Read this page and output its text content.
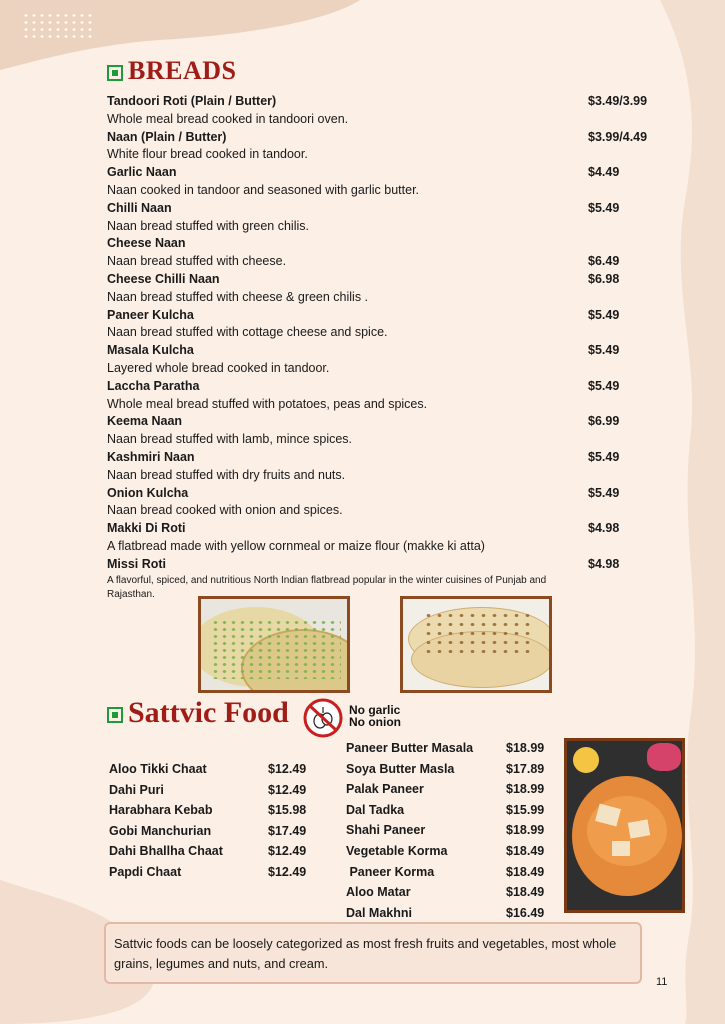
BREADS
Tandoori Roti (Plain / Butter)
Whole meal bread cooked in tandoori oven.
$3.49/3.99
Naan (Plain / Butter)
White flour bread cooked in tandoor.
$3.99/4.49
Garlic Naan
Naan cooked in tandoor and seasoned with garlic butter.
$4.49
Chilli Naan
Naan bread stuffed with green chilis.
$5.49
Cheese Naan
Naan bread stuffed with cheese.	$6.49
Cheese Chilli Naan
Naan bread stuffed with cheese & green chilis .
$6.98
Paneer Kulcha
Naan bread stuffed with cottage cheese and spice.
$5.49
Masala Kulcha
Layered whole bread cooked in tandoor.
$5.49
Laccha Paratha
Whole meal bread stuffed with potatoes, peas and spices.
$5.49
Keema Naan
Naan bread stuffed with lamb, mince spices.
$6.99
Kashmiri Naan
Naan bread stuffed with dry fruits and nuts.
$5.49
Onion Kulcha
Naan bread cooked with onion and spices.
$5.49
Makki Di Roti
A flatbread made with yellow cornmeal or maize flour (makke ki atta)
$4.98
Missi Roti
A flavorful, spiced, and nutritious North Indian flatbread popular in the winter cuisines of Punjab and Rajasthan.
$4.98
Sattvic Food	No garlic
No onion
Aloo Tikki Chaat	$12.49
Dahi Puri	$12.49
Harabhara Kebab	$15.98
Gobi Manchurian	$17.49
Dahi Bhallha Chaat	$12.49
Papdi Chaat	$12.49
Paneer Butter Masala	$18.99
Soya Butter Masla	$17.89
Palak Paneer	$18.99
Dal Tadka	$15.99
Shahi Paneer	$18.99
Vegetable Korma	$18.49
Paneer Korma	$18.49
Aloo Matar	$18.49
Dal Makhni	$16.49
Sattvic foods can be loosely categorized as most fresh fruits and vegetables, most whole grains, legumes and nuts, and cream.
11
